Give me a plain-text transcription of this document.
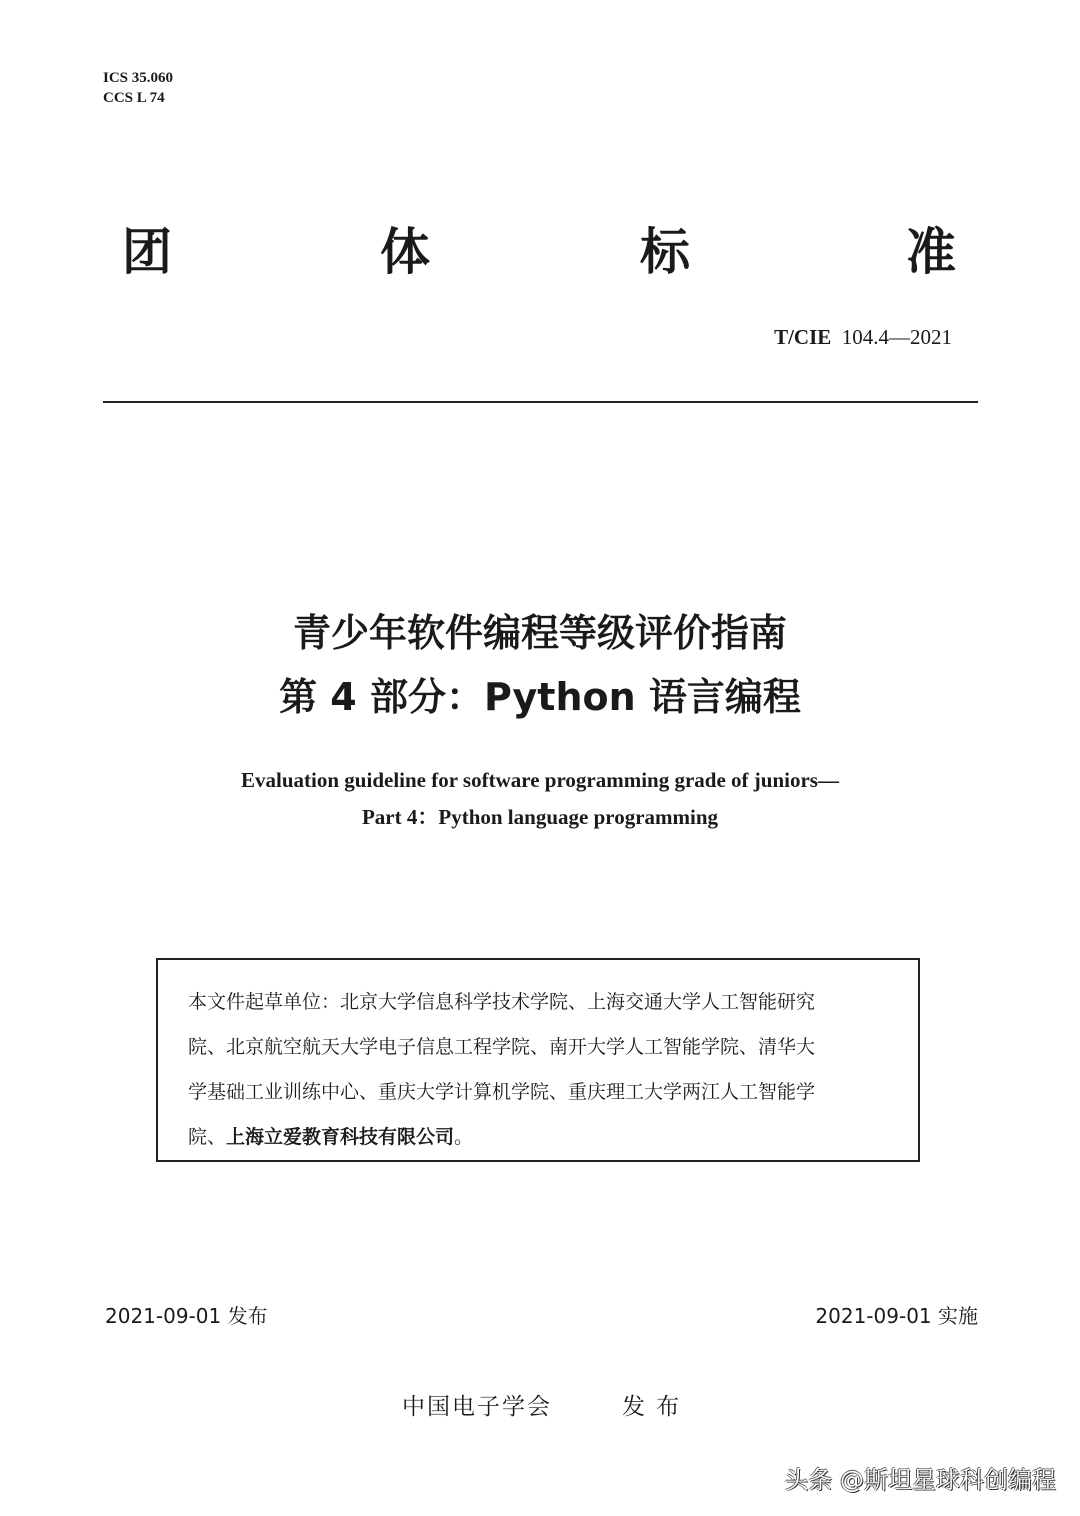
ICS 35.060
CCS L 74
团	体	标	准
T/CIE 104.4—2021
青少年软件编程等级评价指南
第 4 部分：Python 语言编程
Evaluation guideline for software programming grade of juniors—
Part 4：Python language programming
本文件起草单位：北京大学信息科学技术学院、上海交通大学人工智能研究
院、北京航空航天大学电子信息工程学院、南开大学人工智能学院、清华大
学基础工业训练中心、重庆大学计算机学院、重庆理工大学两江人工智能学
院、上海立爱教育科技有限公司。
2021-09-01 发布	2021-09-01 实施
中国电子学会	发 布
头条 @斯坦星球科创编程
